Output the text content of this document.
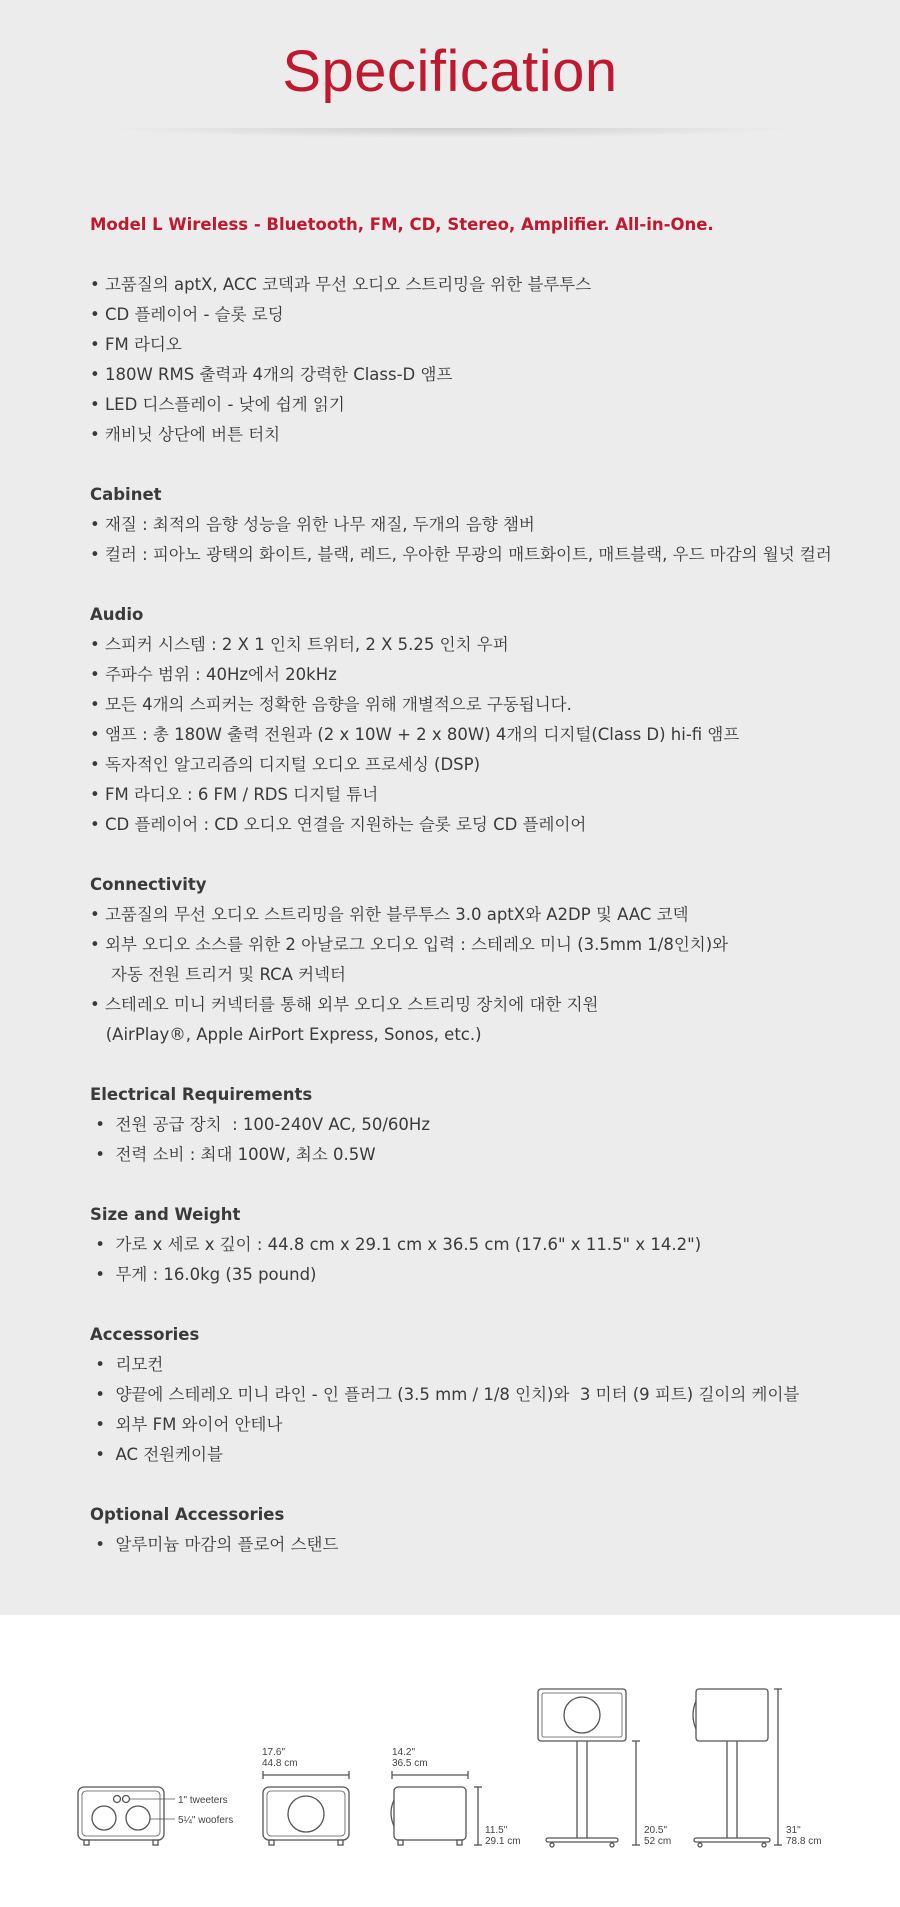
Specification
Model L Wireless - Bluetooth, FM, CD, Stereo, Amplifier. All-in-One.
• 고품질의 aptX, ACC 코덱과 무선 오디오 스트리밍을 위한 블루투스
• CD 플레이어 - 슬롯 로딩
• FM 라디오
• 180W RMS 출력과 4개의 강력한 Class-D 앰프
• LED 디스플레이 - 낮에 쉽게 읽기
• 캐비닛 상단에 버튼 터치
Cabinet
• 재질 : 최적의 음향 성능을 위한 나무 재질, 두개의 음향 챔버
• 컬러 : 피아노 광택의 화이트, 블랙, 레드, 우아한 무광의 매트화이트, 매트블랙, 우드 마감의 월넛 컬러
Audio
• 스피커 시스템 : 2 X 1 인치 트위터, 2 X 5.25 인치 우퍼
• 주파수 범위 : 40Hz에서 20kHz
• 모든 4개의 스피커는 정확한 음향을 위해 개별적으로 구동됩니다.
• 앰프 : 총 180W 출력 전원과 (2 x 10W + 2 x 80W) 4개의 디지털(Class D) hi-fi 앰프
• 독자적인 알고리즘의 디지털 오디오 프로세싱 (DSP)
• FM 라디오 : 6 FM / RDS 디지털 튜너
• CD 플레이어 : CD 오디오 연결을 지원하는 슬롯 로딩 CD 플레이어
Connectivity
• 고품질의 무선 오디오 스트리밍을 위한 블루투스 3.0 aptX와 A2DP 및 AAC 코덱
• 외부 오디오 소스를 위한 2 아날로그 오디오 입력 : 스테레오 미니 (3.5mm 1/8인치)와
자동 전원 트리거 및 RCA 커넥터
• 스테레오 미니 커넥터를 통해 외부 오디오 스트리밍 장치에 대한 지원
(AirPlay®, Apple AirPort Express, Sonos, etc.)
Electrical Requirements
•  전원 공급 장치  : 100-240V AC, 50/60Hz
•  전력 소비 : 최대 100W, 최소 0.5W
Size and Weight
•  가로 x 세로 x 깊이 : 44.8 cm x 29.1 cm x 36.5 cm (17.6" x 11.5" x 14.2")
•  무게 : 16.0kg (35 pound)
Accessories
•  리모컨
•  양끝에 스테레오 미니 라인 - 인 플러그 (3.5 mm / 1/8 인치)와  3 미터 (9 피트) 길이의 케이블
•  외부 FM 와이어 안테나
•  AC 전원케이블
Optional Accessories
•  알루미늄 마감의 플로어 스탠드
1" tweeters
5¼" woofers
17.6"
44.8 cm
14.2"
36.5 cm
11.5"
29.1 cm
20.5"
52 cm
31"
78.8 cm
